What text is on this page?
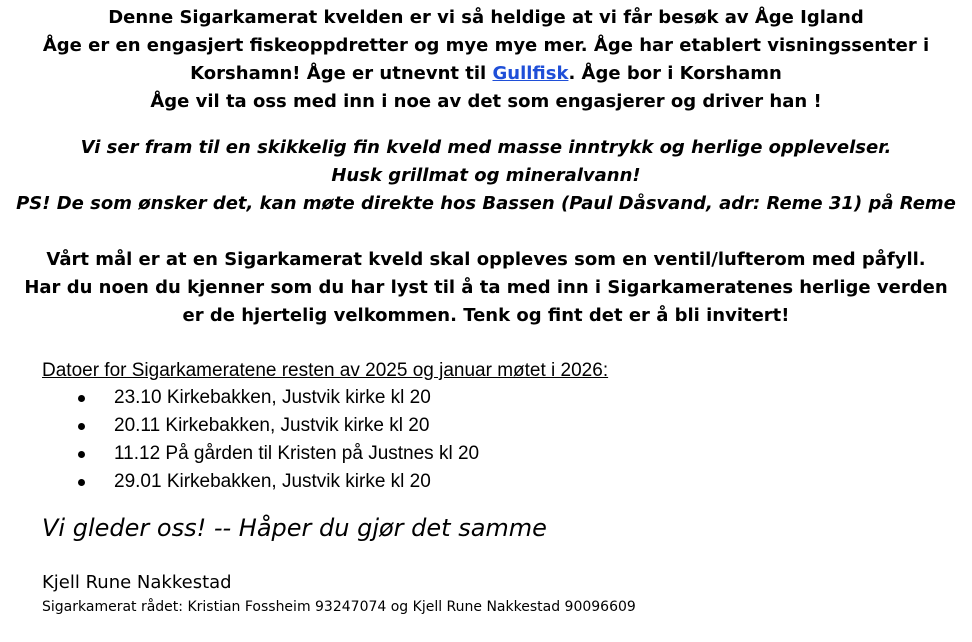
Denne Sigarkamerat kvelden er vi så heldige at vi får besøk av Åge Igland
Åge er en engasjert fiskeoppdretter og mye mye mer. Åge har etablert visningssenter i
Korshamn! Åge er utnevnt til Gullfisk. Åge bor i Korshamn
Åge vil ta oss med inn i noe av det som engasjerer og driver han !
Vi ser fram til en skikkelig fin kveld med masse inntrykk og herlige opplevelser.
Husk grillmat og mineralvann!
PS! De som ønsker det, kan møte direkte hos Bassen (Paul Dåsvand, adr: Reme 31) på Reme
Vårt mål er at en Sigarkamerat kveld skal oppleves som en ventil/lufterom med påfyll.
Har du noen du kjenner som du har lyst til å ta med inn i Sigarkameratenes herlige verden
er de hjertelig velkommen. Tenk og fint det er å bli invitert!
Datoer for Sigarkameratene resten av 2025 og januar møtet i 2026:
23.10 Kirkebakken, Justvik kirke kl 20
20.11 Kirkebakken, Justvik kirke kl 20
11.12 På gården til Kristen på Justnes kl 20
29.01 Kirkebakken, Justvik kirke kl 20
Vi gleder oss! -- Håper du gjør det samme
Kjell Rune Nakkestad
Sigarkamerat rådet: Kristian Fossheim 93247074 og Kjell Rune Nakkestad 90096609
